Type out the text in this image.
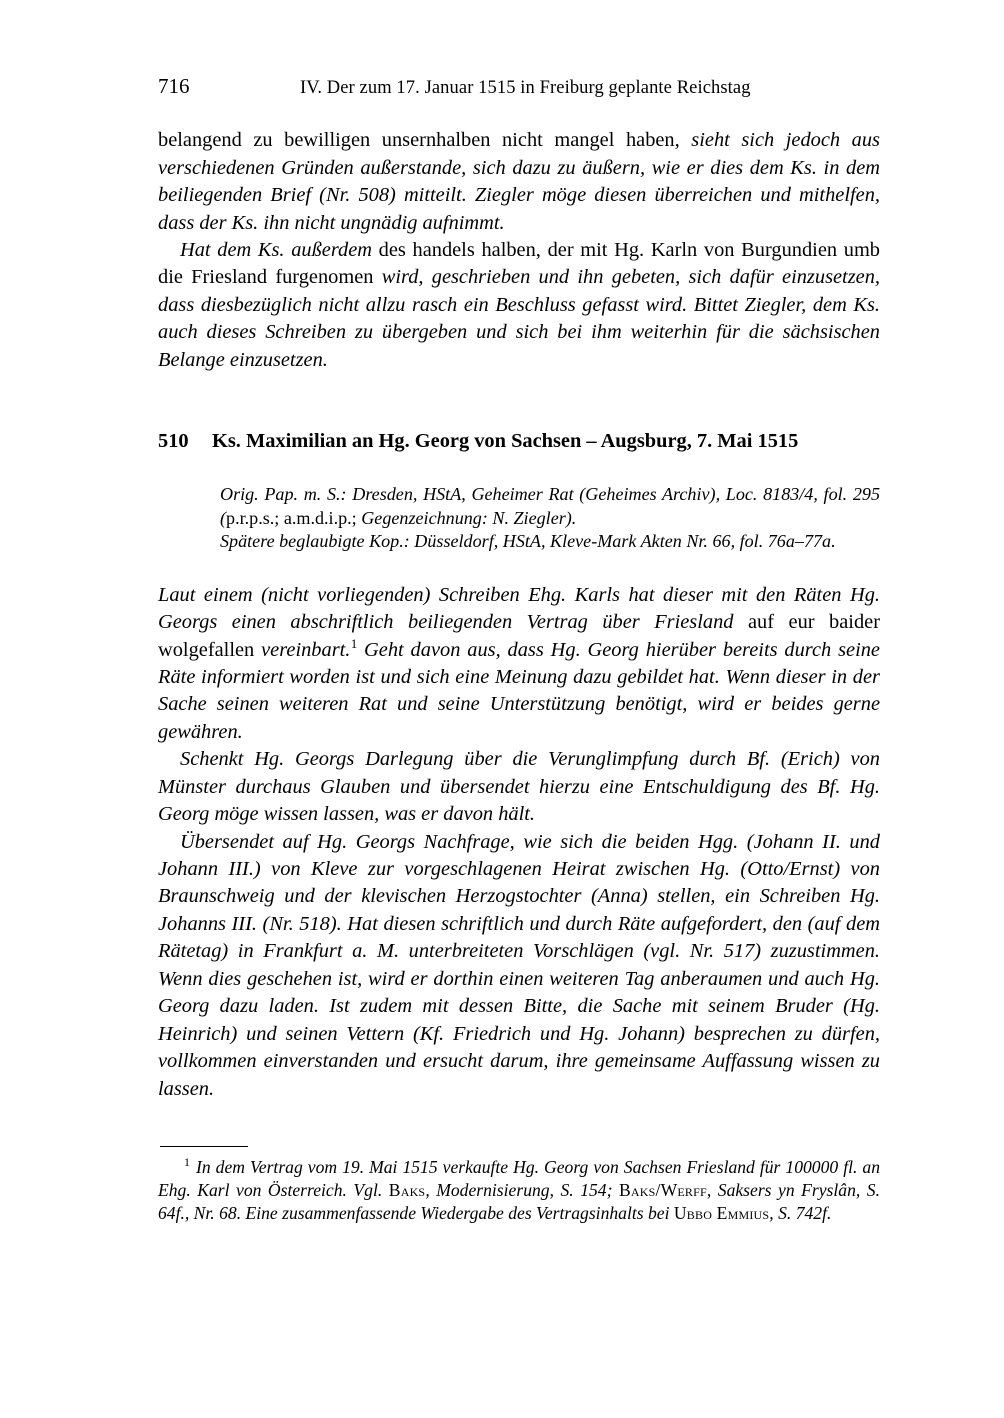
716	IV. Der zum 17. Januar 1515 in Freiburg geplante Reichstag

belangend zu bewilligen unsernhalben nicht mangel haben, sieht sich jedoch aus verschiedenen Gründen außerstande, sich dazu zu äußern, wie er dies dem Ks. in dem beiliegenden Brief (Nr. 508) mitteilt. Ziegler möge diesen überreichen und mithelfen, dass der Ks. ihn nicht ungnädig aufnimmt.

Hat dem Ks. außerdem des handels halben, der mit Hg. Karln von Burgundien umb die Friesland furgenomen wird, geschrieben und ihn gebeten, sich dafür einzusetzen, dass diesbezüglich nicht allzu rasch ein Beschluss gefasst wird. Bittet Ziegler, dem Ks. auch dieses Schreiben zu übergeben und sich bei ihm weiterhin für die sächsischen Belange einzusetzen.

510	Ks. Maximilian an Hg. Georg von Sachsen – Augsburg, 7. Mai 1515

Orig. Pap. m. S.: Dresden, HStA, Geheimer Rat (Geheimes Archiv), Loc. 8183/4, fol. 295 (p.r.p.s.; a.m.d.i.p.; Gegenzeichnung: N. Ziegler).

Spätere beglaubigte Kop.: Düsseldorf, HStA, Kleve-Mark Akten Nr. 66, fol. 76a–77a.

Laut einem (nicht vorliegenden) Schreiben Ehg. Karls hat dieser mit den Räten Hg. Georgs einen abschriftlich beiliegenden Vertrag über Friesland auf eur baider wolgefallen vereinbart.$^1$ Geht davon aus, dass Hg. Georg hierüber bereits durch seine Räte informiert worden ist und sich eine Meinung dazu gebildet hat. Wenn dieser in der Sache seinen weiteren Rat und seine Unterstützung benötigt, wird er beides gerne gewähren.

Schenkt Hg. Georgs Darlegung über die Verunglimpfung durch Bf. (Erich) von Münster durchaus Glauben und übersendet hierzu eine Entschuldigung des Bf. Hg. Georg möge wissen lassen, was er davon hält.

Übersendet auf Hg. Georgs Nachfrage, wie sich die beiden Hgg. (Johann II. und Johann III.) von Kleve zur vorgeschlagenen Heirat zwischen Hg. (Otto/Ernst) von Braunschweig und der klevischen Herzogstochter (Anna) stellen, ein Schreiben Hg. Johanns III. (Nr. 518). Hat diesen schriftlich und durch Räte aufgefordert, den (auf dem Rätetag) in Frankfurt a. M. unterbreiteten Vorschlägen (vgl. Nr. 517) zuzustimmen. Wenn dies geschehen ist, wird er dorthin einen weiteren Tag anberaumen und auch Hg. Georg dazu laden. Ist zudem mit dessen Bitte, die Sache mit seinem Bruder (Hg. Heinrich) und seinen Vettern (Kf. Friedrich und Hg. Johann) besprechen zu dürfen, vollkommen einverstanden und ersucht darum, ihre gemeinsame Auffassung wissen zu lassen.

$^1$ In dem Vertrag vom 19. Mai 1515 verkaufte Hg. Georg von Sachsen Friesland für 100000 fl. an Ehg. Karl von Österreich. Vgl. Baks, Modernisierung, S. 154; Baks/Werff, Saksers yn Fryslân, S. 64f., Nr. 68. Eine zusammenfassende Wiedergabe des Vertragsinhalts bei Ubbo Emmius, S. 742f.
